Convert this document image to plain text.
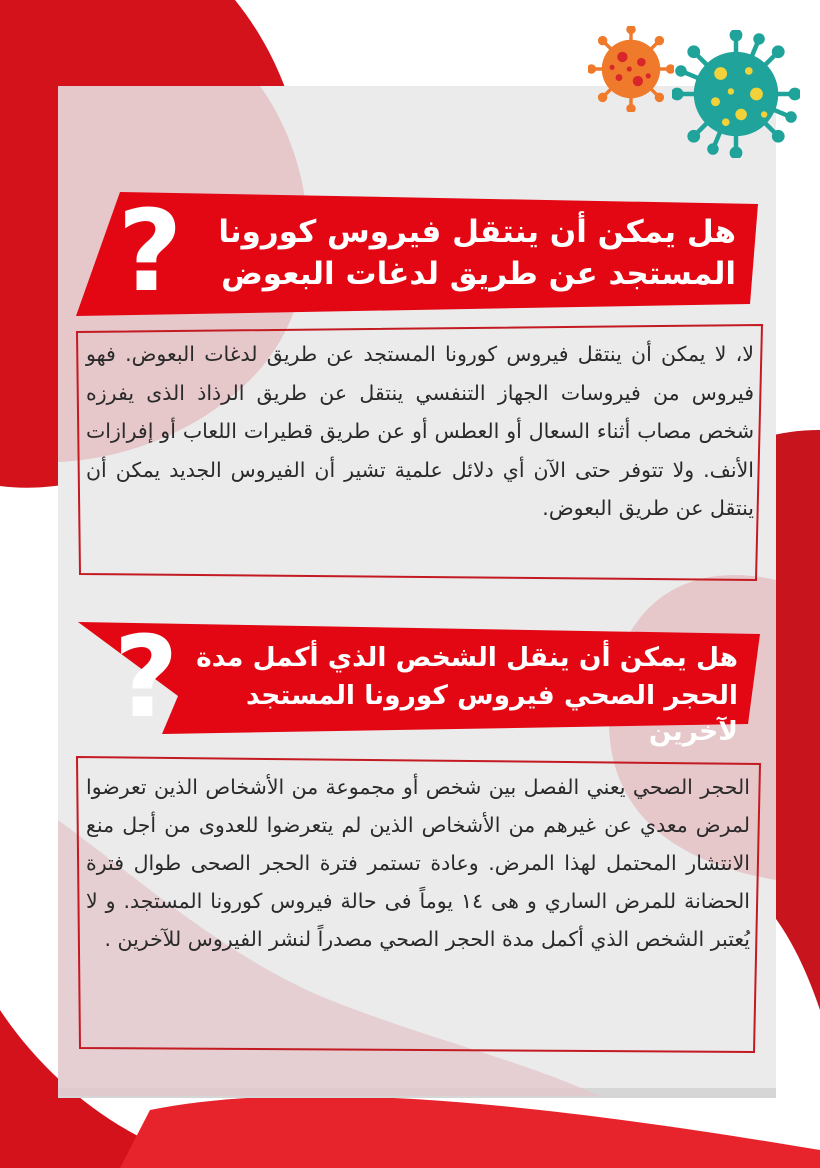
?	هل يمكن أن ينتقل فيروس كورونا
المستجد عن طريق لدغات البعوض
لا، لا يمكن أن ينتقل فيروس كورونا المستجد عن طريق لدغات البعوض. فهو فيروس من فيروسات الجهاز التنفسي ينتقل عن طريق الرذاذ الذى يفرزه شخص مصاب أثناء السعال أو العطس أو عن طريق قطيرات اللعاب أو إفرازات الأنف. ولا تتوفر حتى الآن أي دلائل علمية تشير أن الفيروس الجديد يمكن أن ينتقل عن طريق البعوض.
? هل يمكن أن ينقل الشخص الذي أكمل مدة
الحجر الصحي فيروس كورونا المستجد لآخرين
الحجر الصحي يعني الفصل بين شخص أو مجموعة من الأشخاص الذين تعرضوا لمرض معدي عن غيرهم من الأشخاص الذين لم يتعرضوا للعدوى من أجل منع الانتشار المحتمل لهذا المرض. وعادة تستمر فترة الحجر الصحى طوال فترة الحضانة للمرض الساري و هى ١٤ يوماً فى حالة فيروس كورونا المستجد. و لا يُعتبر الشخص الذي أكمل مدة الحجر الصحي مصدراً لنشر الفيروس للآخرين .
